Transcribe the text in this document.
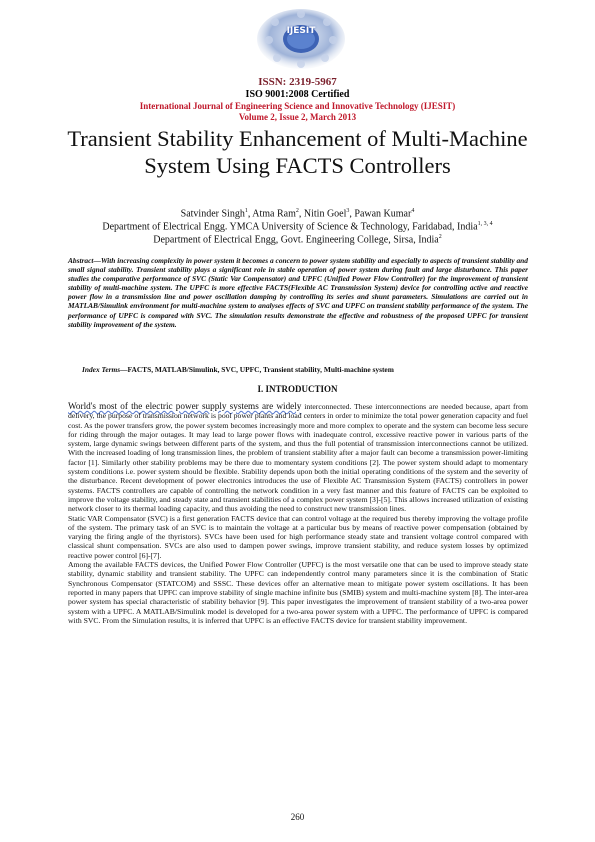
IJESIT
ISSN: 2319-5967
ISO 9001:2008 Certified
International Journal of Engineering Science and Innovative Technology (IJESIT)
Volume 2, Issue 2, March 2013
Transient Stability Enhancement of Multi-Machine System Using FACTS Controllers
Satvinder Singh$^1$, Atma Ram$^2$, Nitin Goel$^3$, Pawan Kumar$^4$
Department of Electrical Engg. YMCA University of Science & Technology, Faridabad, India$^{1, 3, 4}$
Department of Electrical Engg, Govt. Engineering College, Sirsa, India$^2$
Abstract—With increasing complexity in power system it becomes a concern to power system stability and especially to aspects of transient stability and small signal stability. Transient stability plays a significant role in stable operation of power system during fault and large disturbance. This paper studies the comparative performance of SVC (Static Var Compensator) and UPFC (Unified Power Flow Controller) for the improvement of transient stability of multi-machine system. The UPFC is more effective FACTS(Flexible AC Transmission System) device for controlling active and reactive power flow in a transmission line and power oscillation damping by controlling its series and shunt parameters. Simulations are carried out in MATLAB/Simulink environment for multi-machine system to analyses effects of SVC and UPFC on transient stability performance of the system. The performance of UPFC is compared with SVC. The simulation results demonstrate the effective and robustness of the proposed UPFC for transient stability improvement of the system.
Index Terms—FACTS, MATLAB/Simulink, SVC, UPFC, Transient stability, Multi-machine system
I. INTRODUCTION

World's most of the electric power supply systems are widely interconnected. These interconnections are needed because, apart from delivery, the purpose of transmission network is pool power plants and load centers in order to minimize the total power generation capacity and fuel cost. As the power transfers grow, the power system becomes increasingly more and more complex to operate and the system can become less secure for riding through the major outages. It may lead to large power flows with inadequate control, excessive reactive power in various parts of the system, large dynamic swings between different parts of the system, and thus the full potential of transmission interconnections cannot be utilized. With the increased loading of long transmission lines, the problem of transient stability after a major fault can become a transmission power-limiting factor [1]. Similarly other stability problems may be there due to momentary system conditions [2]. The power system should adapt to momentary system conditions i.e. power system should be flexible. Stability depends upon both the initial operating conditions of the system and the severity of the disturbance. Recent development of power electronics introduces the use of Flexible AC Transmission System (FACTS) controllers in power systems. FACTS controllers are capable of controlling the network condition in a very fast manner and this feature of FACTS can be exploited to improve the voltage stability, and steady state and transient stabilities of a complex power system [3]-[5]. This allows increased utilization of existing network closer to its thermal loading capacity, and thus avoiding the need to construct new transmission lines.

Static VAR Compensator (SVC) is a first generation FACTS device that can control voltage at the required bus thereby improving the voltage profile of the system. The primary task of an SVC is to maintain the voltage at a particular bus by means of reactive power compensation (obtained by varying the firing angle of the thyristors). SVCs have been used for high performance steady state and transient voltage control compared with classical shunt compensation. SVCs are also used to dampen power swings, improve transient stability, and reduce system losses by optimized reactive power control [6]-[7].

Among the available FACTS devices, the Unified Power Flow Controller (UPFC) is the most versatile one that can be used to improve steady state stability, dynamic stability and transient stability. The UPFC can independently control many parameters since it is the combination of Static Synchronous Compensator (STATCOM) and SSSC. These devices offer an alternative mean to mitigate power system oscillations. It has been reported in many papers that UPFC can improve stability of single machine infinite bus (SMIB) system and multi-machine system [8]. The inter-area power system has special characteristic of stability behavior [9]. This paper investigates the improvement of transient stability of a two-area power system with a UPFC. A MATLAB/Simulink model is developed for a two-area power system with a UPFC. The performance of UPFC is compared with SVC. From the Simulation results, it is inferred that UPFC is an effective FACTS device for transient stability improvement.

260
